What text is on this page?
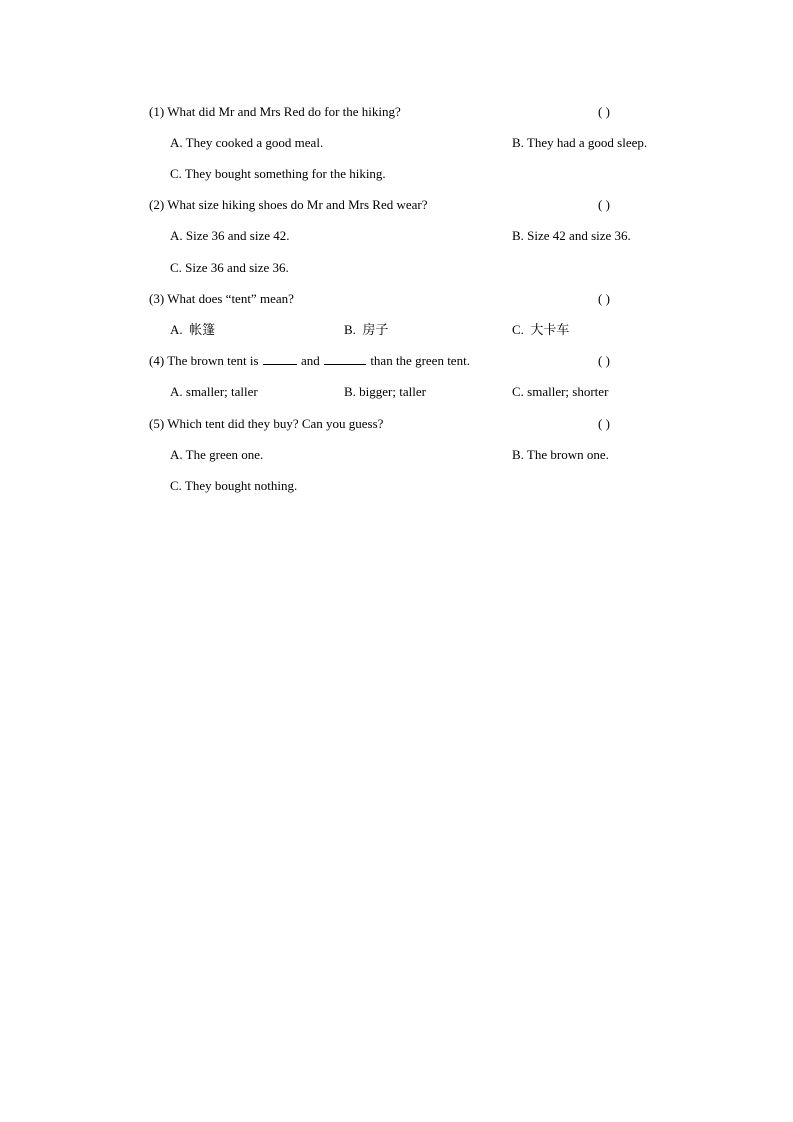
(1) What did Mr and Mrs Red do for the hiking?	( )
A. They cooked a good meal.	B. They had a good sleep.
C. They bought something for the hiking.
(2) What size hiking shoes do Mr and Mrs Red wear?	( )
A. Size 36 and size 42.	B. Size 42 and size 36.
C. Size 36 and size 36.
(3) What does “tent” mean?	( )
A. 帐篷	B. 房子	C. 大卡车
(4) The brown tent is	and	than the green tent.	( )
A. smaller; taller	B. bigger; taller	C. smaller; shorter
(5) Which tent did they buy? Can you guess?	( )
A. The green one.	B. The brown one.
C. They bought nothing.
